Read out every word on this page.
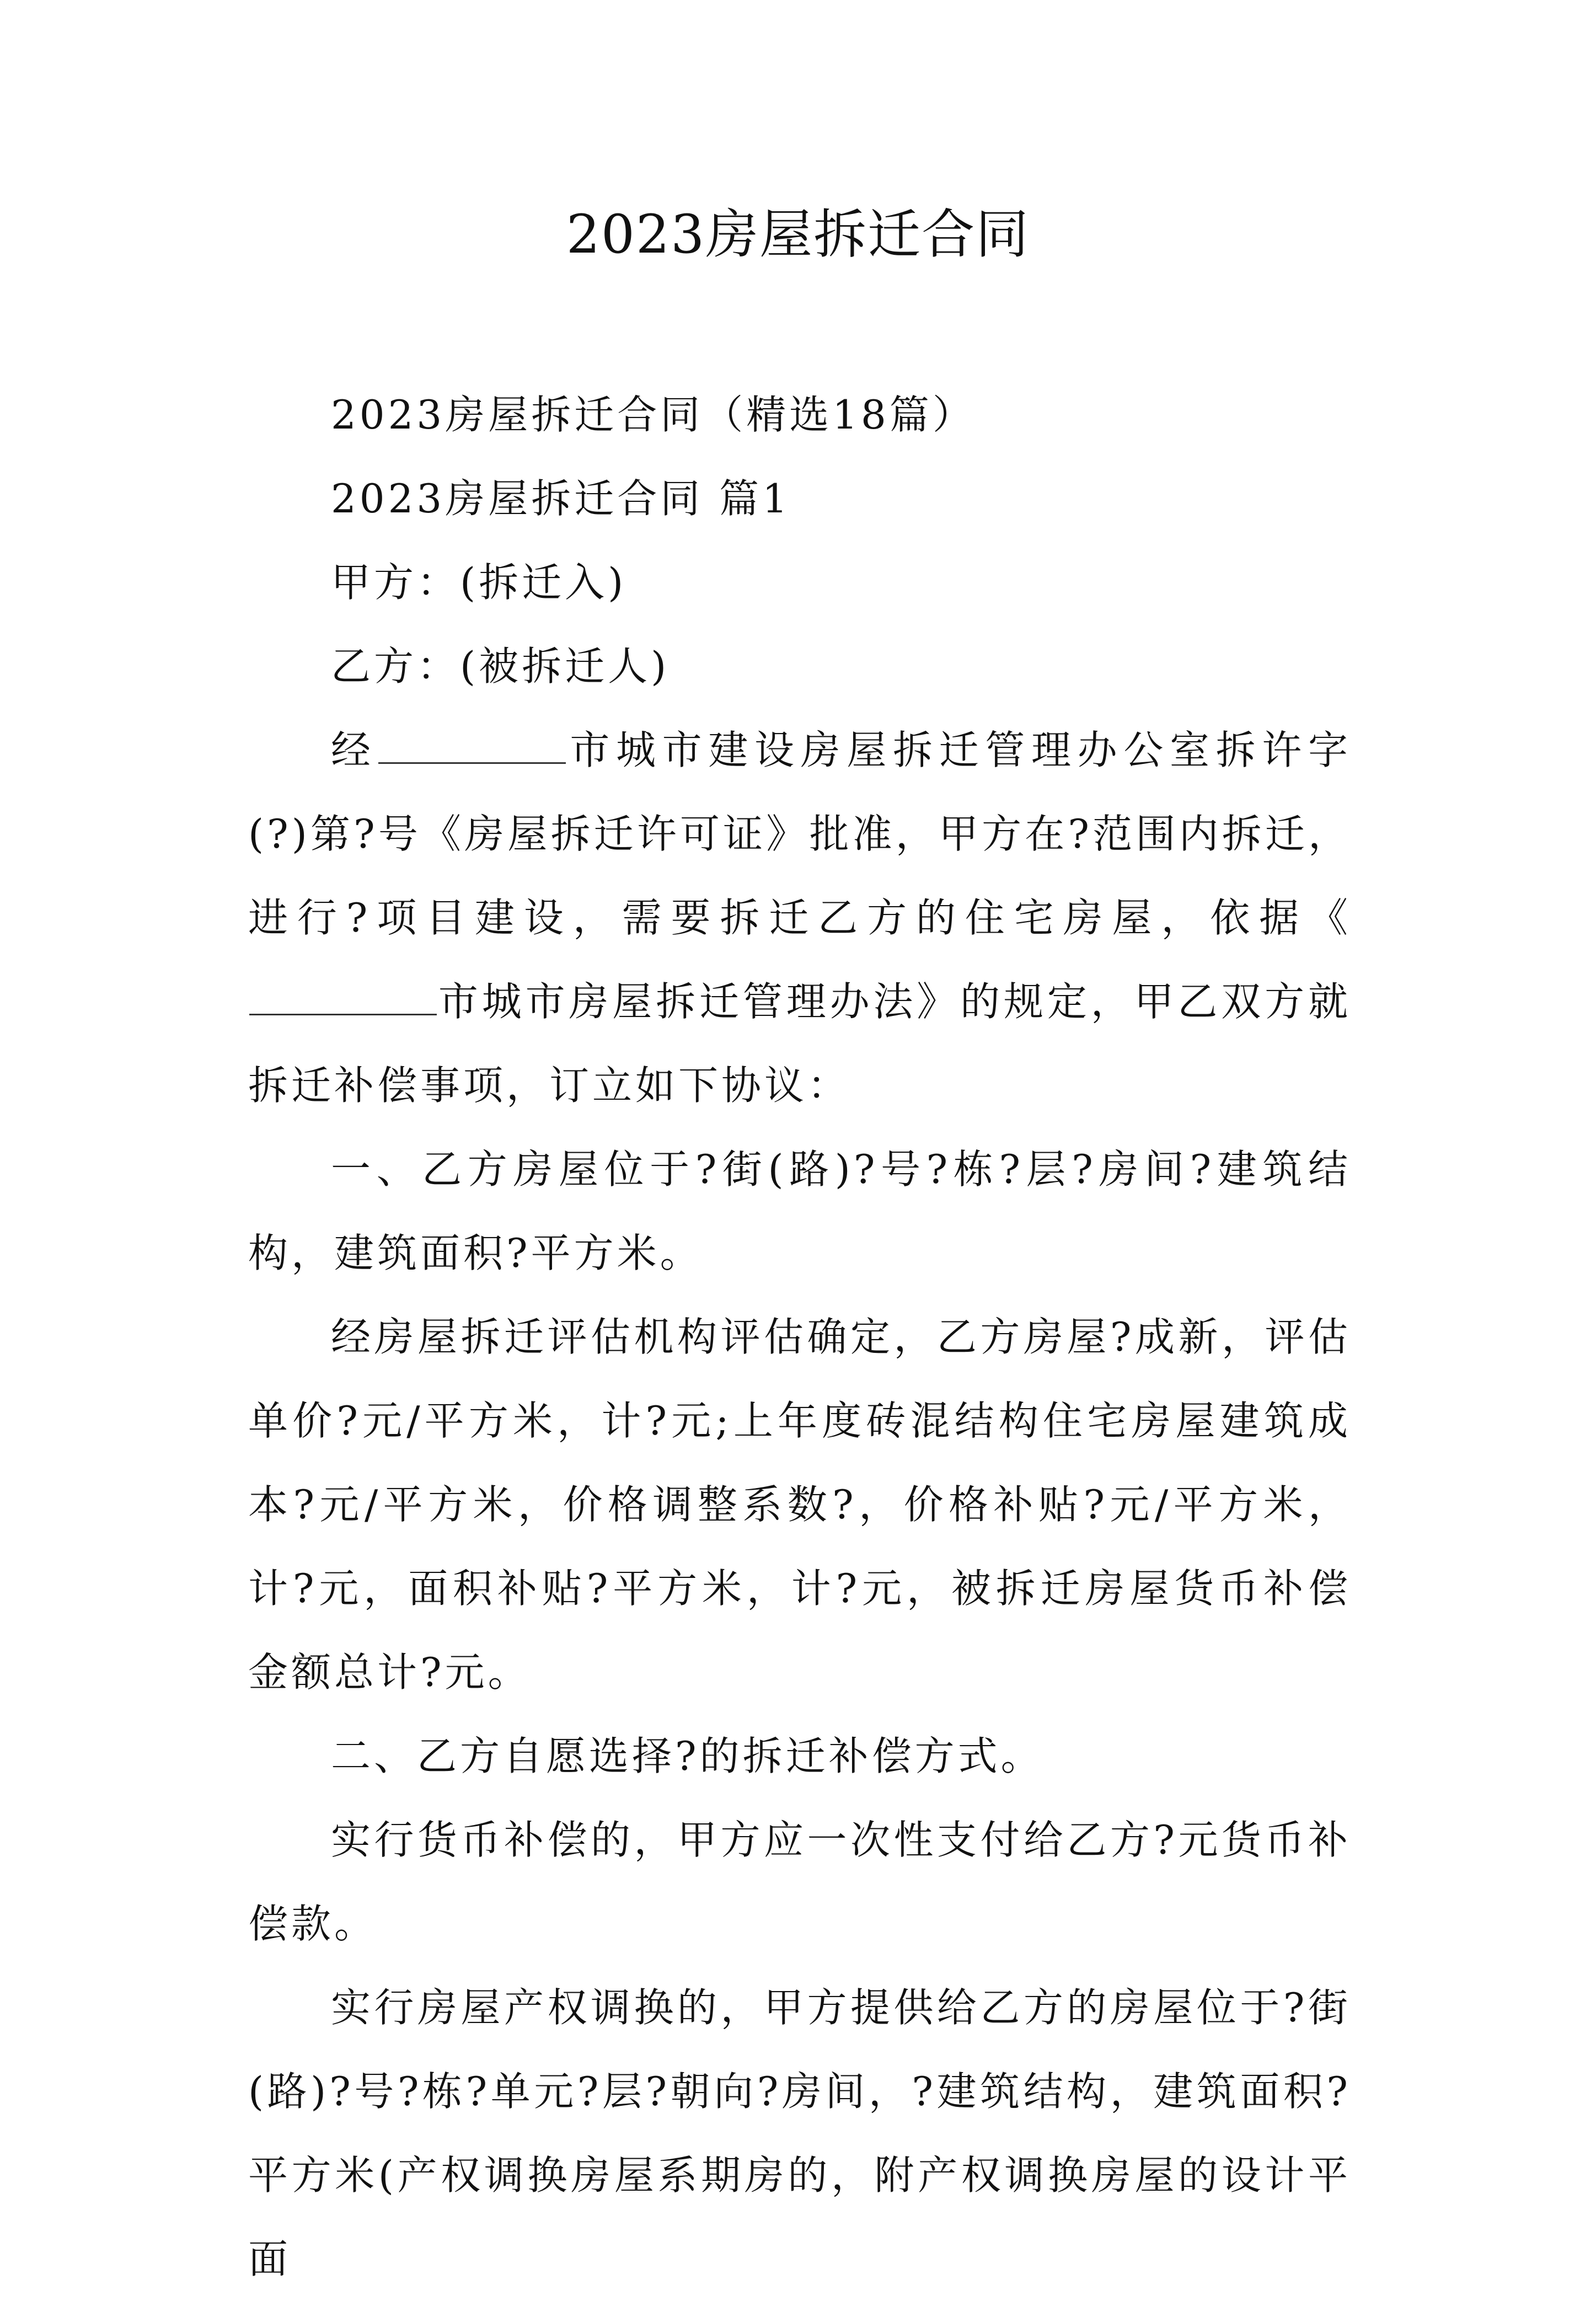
2023房屋拆迁合同

2023房屋拆迁合同（精选18篇）

2023房屋拆迁合同 篇1

甲方：(拆迁入)

乙方：(被拆迁人)

经	市城市建设房屋拆迁管理办公室拆许字(?)第?号《房屋拆迁许可证》批准，甲方在?范围内拆迁，进行?项目建设，需要拆迁乙方的住宅房屋，依据《市城市房屋拆迁管理办法》的规定，甲乙双方就拆迁补偿事项，订立如下协议：

一、乙方房屋位于?街(路)?号?栋?层?房间?建筑结构，建筑面积?平方米。

经房屋拆迁评估机构评估确定，乙方房屋?成新，评估单价?元/平方米，计?元;上年度砖混结构住宅房屋建筑成本?元/平方米，价格调整系数?，价格补贴?元/平方米，计?元，面积补贴?平方米，计?元，被拆迁房屋货币补偿金额总计?元。

二、乙方自愿选择?的拆迁补偿方式。

实行货币补偿的，甲方应一次性支付给乙方?元货币补偿款。

实行房屋产权调换的，甲方提供给乙方的房屋位于?街(路)?号?栋?单元?层?朝向?房间，?建筑结构，建筑面积?平方米(产权调换房屋系期房的，附产权调换房屋的设计平面
